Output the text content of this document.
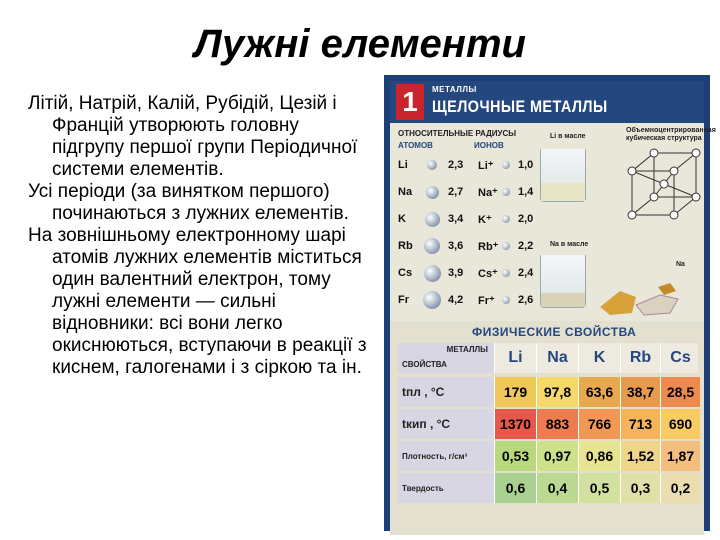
Лужні елементи

Літій, Натрій, Калій, Рубідій, Цезій і Францій утворюють головну підгрупу першої групи Періодичної системи елементів.

Усі періоди (за винятком першого) починаються з лужних елементів.

На зовнішньому електронному шарі атомів лужних елементів міститься один валентний електрон, тому лужні елементи — сильні відновники: всі вони легко окиснюються, вступаючи в реакції з киснем, галогенами і з сіркою та ін.

1	МЕТАЛЛЫ
ЩЕЛОЧНЫЕ МЕТАЛЛЫ
ОТНОСИТЕЛЬНЫЕ РАДИУСЫ
АТОМОВ	ИОНОВ
Li	2,3	Li⁺	1,0
Na	2,7	Na⁺	1,4
K	3,4	K⁺	2,0
Rb	3,6	Rb⁺	2,2
Cs	3,9	Cs⁺	2,4
Fr	4,2	Fr⁺	2,6
Li в масле
Na в масле
Объемноцентрированная кубическая структура
Na
ФИЗИЧЕСКИЕ СВОЙСТВА
МЕТАЛЛЫ
СВОЙСТВА	Li	Na	K	Rb	Cs
tпл , °C	179	97,8	63,6 38,7 28,5
tкип , °C	1370	883	766	713	690
Плотность, г/см³	0,53	0,97	0,86 1,52 1,87
Твердость	0,6	0,4	0,5	0,3	0,2
